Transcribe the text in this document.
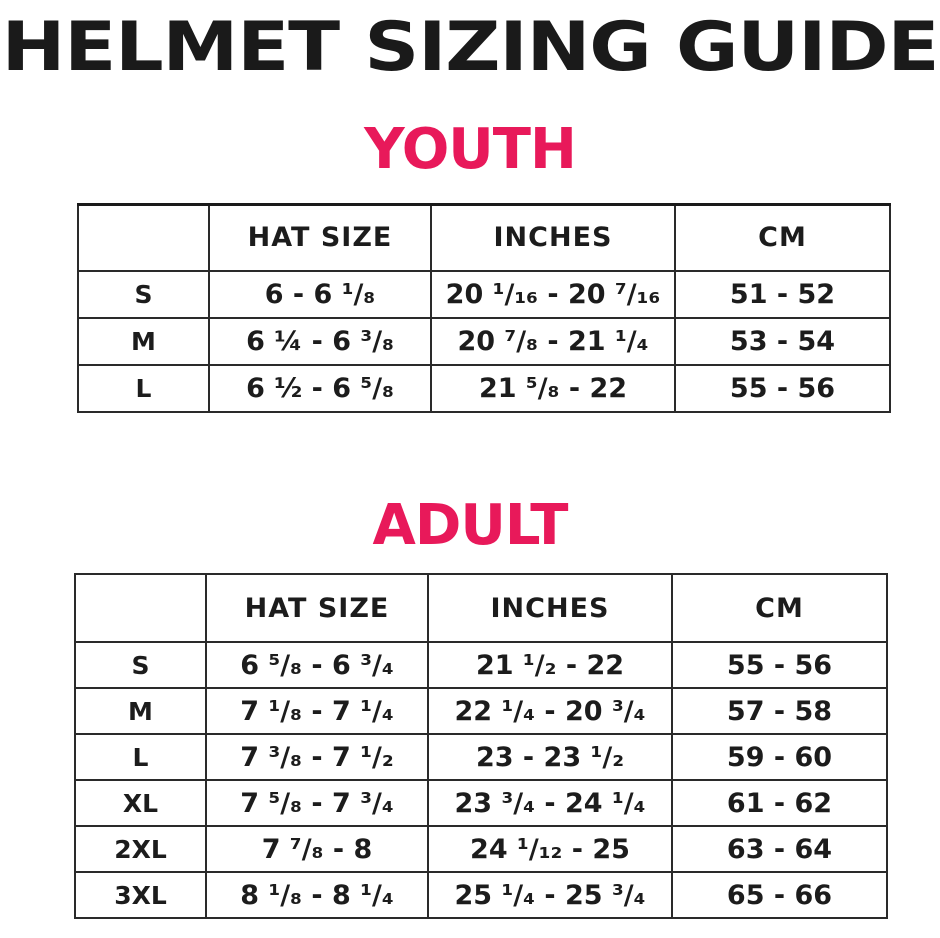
HELMET SIZING GUIDE
YOUTH
	HAT SIZE	INCHES	CM
S	6 - 6 ¹/₈	20 ¹/₁₆ - 20 ⁷/₁₆	51 - 52
M	6 ¼ - 6 ³/₈	20 ⁷/₈ - 21 ¹/₄	53 - 54
L	6 ½ - 6 ⁵/₈	21 ⁵/₈ - 22	55 - 56
ADULT
	HAT SIZE	INCHES	CM
S	6 ⁵/₈ - 6 ³/₄	21 ¹/₂ - 22	55 - 56
M	7 ¹/₈ - 7 ¹/₄	22 ¹/₄ - 20 ³/₄	57 - 58
L	7 ³/₈ - 7 ¹/₂	23 - 23 ¹/₂	59 - 60
XL	7 ⁵/₈ - 7 ³/₄	23 ³/₄ - 24 ¹/₄	61 - 62
2XL	7 ⁷/₈ - 8	24 ¹/₁₂ - 25	63 - 64
3XL	8 ¹/₈ - 8 ¹/₄	25 ¹/₄ - 25 ³/₄	65 - 66
